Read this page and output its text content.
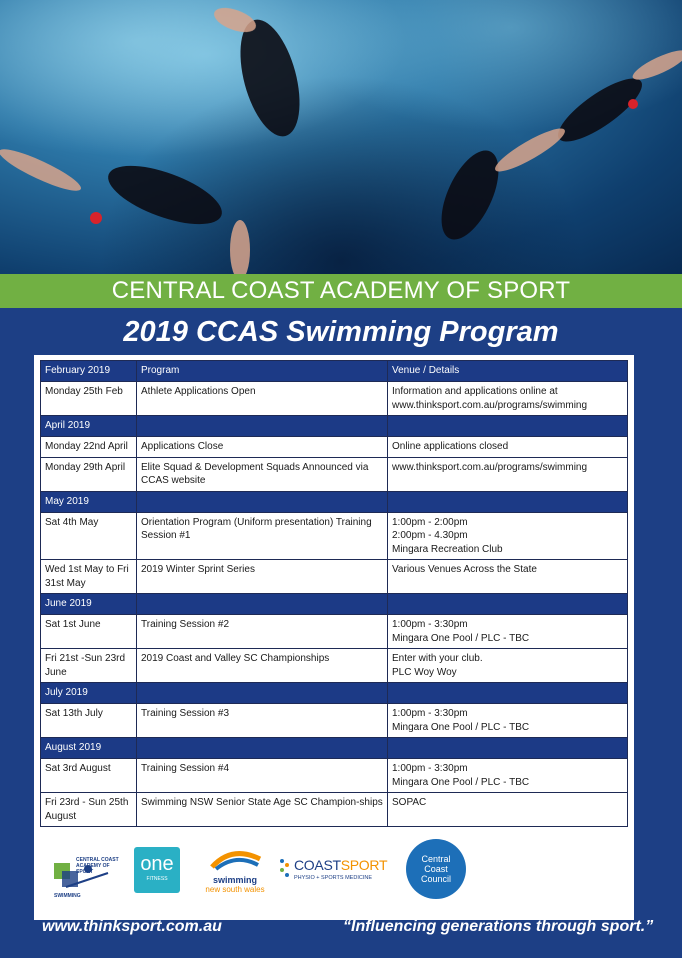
CENTRAL COAST ACADEMY OF SPORT
2019 CCAS Swimming Program
February 2019	Program	Venue / Details
Monday 25th Feb	Athlete Applications Open	Information and applications online at www.thinksport.com.au/programs/swimming
April 2019		
Monday 22nd April	Applications Close	Online applications closed
Monday 29th April	Elite Squad & Development Squads Announced via CCAS website	www.thinksport.com.au/programs/swimming
May 2019		
Sat 4th May	Orientation Program (Uniform presentation) Training Session #1	1:00pm - 2:00pm
2:00pm - 4.30pm
Mingara Recreation Club
Wed 1st May to Fri 31st May	2019 Winter Sprint Series	Various Venues Across the State
June 2019		
Sat 1st June	Training Session #2	1:00pm - 3:30pm
Mingara One Pool / PLC - TBC
Fri 21st -Sun 23rd June	2019 Coast and Valley SC Championships	Enter with your club.
PLC Woy Woy
July 2019		
Sat 13th July	Training Session #3	1:00pm - 3:30pm
Mingara One Pool / PLC - TBC
August 2019		
Sat 3rd August	Training Session #4	1:00pm - 3:30pm
Mingara One Pool / PLC - TBC
Fri 23rd - Sun 25th August	Swimming NSW Senior State Age SC Champion-ships	SOPAC
CENTRAL COAST
ACADEMY OF SPORT
SWIMMING
one
FITNESS	swimming
new south wales
COASTSPORT
PHYSIO + SPORTS MEDICINE
Central
Coast
Council
www.thinksport.com.au	“Influencing generations through sport.”
